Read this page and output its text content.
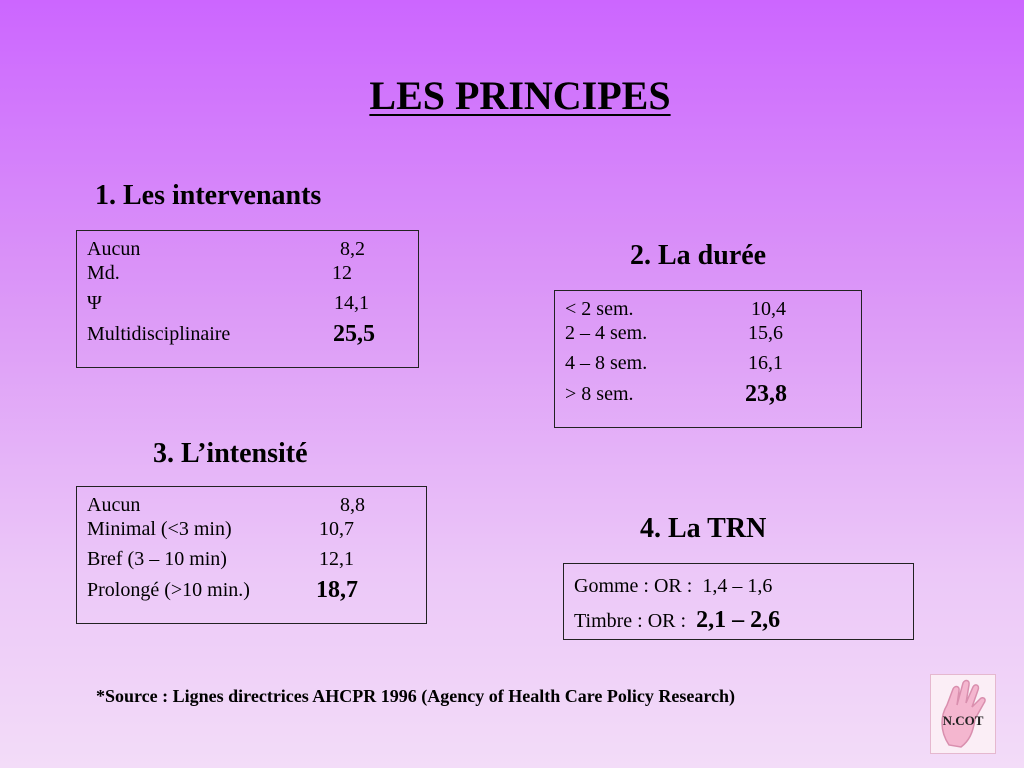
LES PRINCIPES
1. Les intervenants
Aucun	8,2
Md.	12
Ψ	14,1
Multidisciplinaire	25,5
2. La durée
< 2 sem.	10,4
2 – 4 sem.	15,6
4 – 8 sem.	16,1
> 8 sem.	23,8
3. L’intensité
Aucun	8,8
Minimal (<3 min)	10,7
Bref (3 – 10 min)	12,1
Prolongé (>10 min.)	18,7
4. La TRN
Gomme : OR : 1,4 – 1,6
Timbre : OR : 2,1 – 2,6
*Source : Lignes directrices AHCPR 1996 (Agency of Health Care Policy Research)
N.COT
